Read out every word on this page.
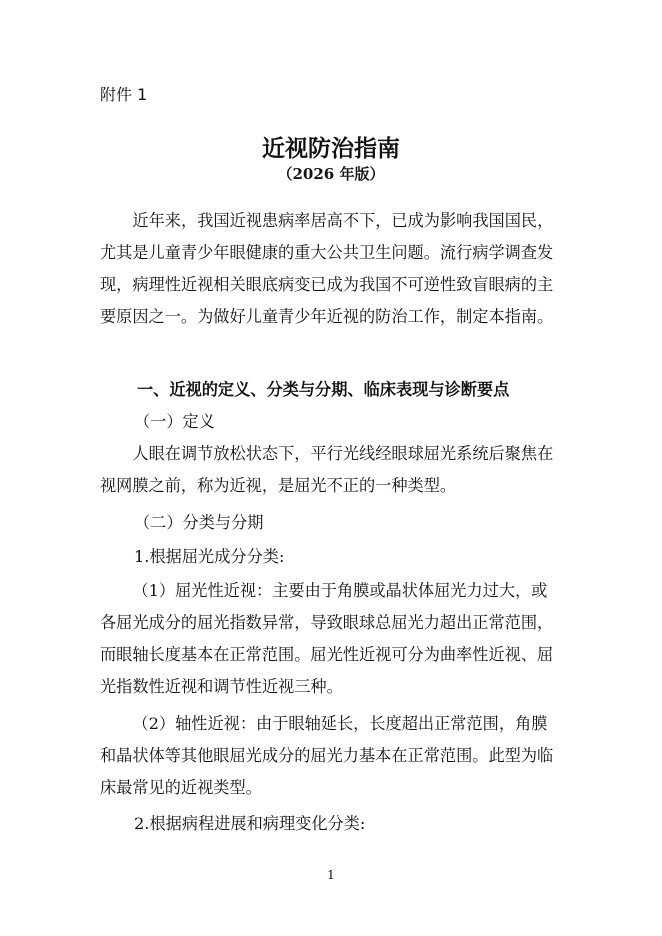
附件 1
近视防治指南
（2026 年版）

近年来，我国近视患病率居高不下，已成为影响我国国民，尤其是儿童青少年眼健康的重大公共卫生问题。流行病学调查发现，病理性近视相关眼底病变已成为我国不可逆性致盲眼病的主要原因之一。为做好儿童青少年近视的防治工作，制定本指南。

一、近视的定义、分类与分期、临床表现与诊断要点

（一）定义

人眼在调节放松状态下，平行光线经眼球屈光系统后聚焦在视网膜之前，称为近视，是屈光不正的一种类型。

（二）分类与分期

1.根据屈光成分分类:

（1）屈光性近视：主要由于角膜或晶状体屈光力过大，或各屈光成分的屈光指数异常，导致眼球总屈光力超出正常范围，而眼轴长度基本在正常范围。屈光性近视可分为曲率性近视、屈光指数性近视和调节性近视三种。

（2）轴性近视：由于眼轴延长，长度超出正常范围，角膜和晶状体等其他眼屈光成分的屈光力基本在正常范围。此型为临床最常见的近视类型。

2.根据病程进展和病理变化分类:

1
